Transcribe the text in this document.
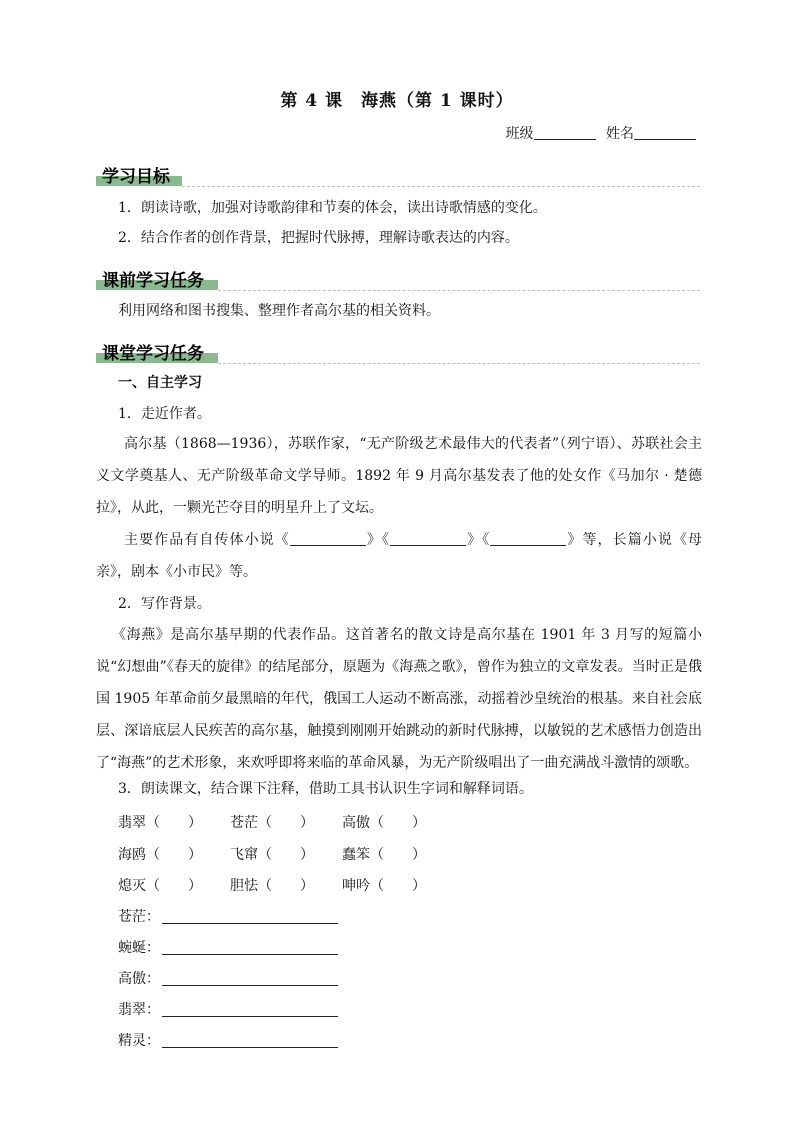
第 4 课　海燕（第 1 课时）
班级	姓名
学习目标
1．朗读诗歌，加强对诗歌韵律和节奏的体会，读出诗歌情感的变化。
2．结合作者的创作背景，把握时代脉搏，理解诗歌表达的内容。
课前学习任务
利用网络和图书搜集、整理作者高尔基的相关资料。
课堂学习任务
一、自主学习
1．走近作者。
高尔基（1868—1936），苏联作家，“无产阶级艺术最伟大的代表者”（列宁语）、苏联社会主义文学奠基人、无产阶级革命文学导师。1892 年 9 月高尔基发表了他的处女作《马加尔 · 楚德拉》，从此，一颗光芒夺目的明星升上了文坛。
主要作品有自传体小说《	》《	》《	》等，长篇小说《母亲》，剧本《小市民》等。
2．写作背景。
《海燕》是高尔基早期的代表作品。这首著名的散文诗是高尔基在 1901 年 3 月写的短篇小说“幻想曲”《春天的旋律》的结尾部分，原题为《海燕之歌》，曾作为独立的文章发表。当时正是俄国 1905 年革命前夕最黑暗的年代，俄国工人运动不断高涨，动摇着沙皇统治的根基。来自社会底层、深谙底层人民疾苦的高尔基，触摸到刚刚开始跳动的新时代脉搏，以敏锐的艺术感悟力创造出了“海燕”的艺术形象，来欢呼即将来临的革命风暴，为无产阶级唱出了一曲充满战斗激情的颂歌。
3．朗读课文，结合课下注释，借助工具书认识生字词和解释词语。
翡翠（　　） 苍茫（　　） 高傲（　　）
海鸥（　　） 飞窜（　　） 蠢笨（　　）
熄灭（　　） 胆怯（　　） 呻吟（　　）
苍茫：
蜿蜒：
高傲：
翡翠：
精灵：
